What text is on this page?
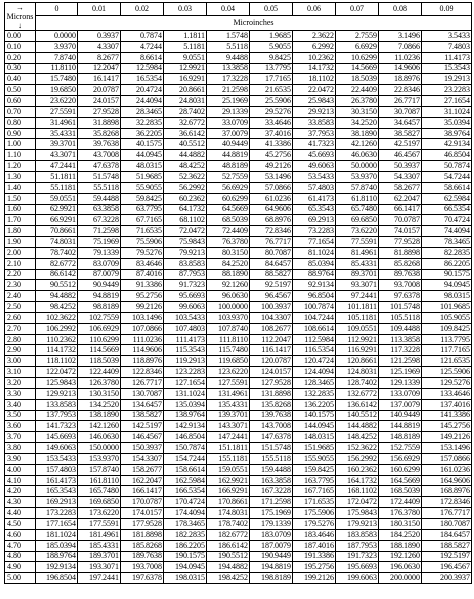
→
Microns
↓	0	0.01	0.02	0.03	0.04	0.05	0.06	0.07	0.08	0.09
	Microinches									
0.00	0.0000	0.3937	0.7874	1.1811	1.5748	1.9685	2.3622	2.7559	3.1496	3.5433
0.10	3.9370	4.3307	4.7244	5.1181	5.5118	5.9055	6.2992	6.6929	7.0866	7.4803
0.20	7.8740	8.2677	8.6614	9.0551	9.4488	9.8425	10.2362	10.6299	11.0236	11.4173
0.30	11.8110	12.2047	12.5984	12.9921	13.3858	13.7795	14.1732	14.5669	14.9606	15.3543
0.40	15.7480	16.1417	16.5354	16.9291	17.3228	17.7165	18.1102	18.5039	18.8976	19.2913
0.50	19.6850	20.0787	20.4724	20.8661	21.2598	21.6535	22.0472	22.4409	22.8346	23.2283
0.60	23.6220	24.0157	24.4094	24.8031	25.1969	25.5906	25.9843	26.3780	26.7717	27.1654
0.70	27.5591	27.9528	28.3465	28.7402	29.1339	29.5276	29.9213	30.3150	30.7087	31.1024
0.80	31.4961	31.8898	32.2835	32.6772	33.0709	33.4646	33.8583	34.2520	34.6457	35.0394
0.90	35.4331	35.8268	36.2205	36.6142	37.0079	37.4016	37.7953	38.1890	38.5827	38.9764
1.00	39.3701	39.7638	40.1575	40.5512	40.9449	41.3386	41.7323	42.1260	42.5197	42.9134
1.10	43.3071	43.7008	44.0945	44.4882	44.8819	45.2756	45.6693	46.0630	46.4567	46.8504
1.20	47.2441	47.6378	48.0315	48.4252	48.8189	49.2126	49.6063	50.0000	50.3937	50.7874
1.30	51.1811	51.5748	51.9685	52.3622	52.7559	53.1496	53.5433	53.9370	54.3307	54.7244
1.40	55.1181	55.5118	55.9055	56.2992	56.6929	57.0866	57.4803	57.8740	58.2677	58.6614
1.50	59.0551	59.4488	59.8425	60.2362	60.6299	61.0236	61.4173	61.8110	62.2047	62.5984
1.60	62.9921	63.3858	63.7795	64.1732	64.5669	64.9606	65.3543	65.7480	66.1417	66.5354
1.70	66.9291	67.3228	67.7165	68.1102	68.5039	68.8976	69.2913	69.6850	70.0787	70.4724
1.80	70.8661	71.2598	71.6535	72.0472	72.4409	72.8346	73.2283	73.6220	74.0157	74.4094
1.90	74.8031	75.1969	75.5906	75.9843	76.3780	76.7717	77.1654	77.5591	77.9528	78.3465
2.00	78.7402	79.1339	79.5276	79.9213	80.3150	80.7087	81.1024	81.4961	81.8898	82.2835
2.10	82.6772	83.0709	83.4646	83.8583	84.2520	84.6457	85.0394	85.4331	85.8268	86.2205
2.20	86.6142	87.0079	87.4016	87.7953	88.1890	88.5827	88.9764	89.3701	89.7638	90.1575
2.30	90.5512	90.9449	91.3386	91.7323	92.1260	92.5197	92.9134	93.3071	93.7008	94.0945
2.40	94.4882	94.8819	95.2756	95.6693	96.0630	96.4567	96.8504	97.2441	97.6378	98.0315
2.50	98.4252	98.8189	99.2126	99.6063	100.0000	100.3937	100.7874	101.1811	101.5748	101.9685
2.60	102.3622	102.7559	103.1496	103.5433	103.9370	104.3307	104.7244	105.1181	105.5118	105.9055
2.70	106.2992	106.6929	107.0866	107.4803	107.8740	108.2677	108.6614	109.0551	109.4488	109.8425
2.80	110.2362	110.6299	111.0236	111.4173	111.8110	112.2047	112.5984	112.9921	113.3858	113.7795
2.90	114.1732	114.5669	114.9606	115.3543	115.7480	116.1417	116.5354	116.9291	117.3228	117.7165
3.00	118.1102	118.5039	118.8976	119.2913	119.6850	120.0787	120.4724	120.8661	121.2598	121.6535
3.10	122.0472	122.4409	122.8346	123.2283	123.6220	124.0157	124.4094	124.8031	125.1969	125.5906
3.20	125.9843	126.3780	126.7717	127.1654	127.5591	127.9528	128.3465	128.7402	129.1339	129.5276
3.30	129.9213	130.3150	130.7087	131.1024	131.4961	131.8898	132.2835	132.6772	133.0709	133.4646
3.40	133.8583	134.2520	134.6457	135.0394	135.4331	135.8268	136.2205	136.6142	137.0079	137.4016
3.50	137.7953	138.1890	138.5827	138.9764	139.3701	139.7638	140.1575	140.5512	140.9449	141.3386
3.60	141.7323	142.1260	142.5197	142.9134	143.3071	143.7008	144.0945	144.4882	144.8819	145.2756
3.70	145.6693	146.0630	146.4567	146.8504	147.2441	147.6378	148.0315	148.4252	148.8189	149.2126
3.80	149.6063	150.0000	150.3937	150.7874	151.1811	151.5748	151.9685	152.3622	152.7559	153.1496
3.90	153.5433	153.9370	154.3307	154.7244	155.1181	155.5118	155.9055	156.2992	156.6929	157.0866
4.00	157.4803	157.8740	158.2677	158.6614	159.0551	159.4488	159.8425	160.2362	160.6299	161.0236
4.10	161.4173	161.8110	162.2047	162.5984	162.9921	163.3858	163.7795	164.1732	164.5669	164.9606
4.20	165.3543	165.7480	166.1417	166.5354	166.9291	167.3228	167.7165	168.1102	168.5039	168.8976
4.30	169.2913	169.6850	170.0787	170.4724	170.8661	171.2598	171.6535	172.0472	172.4409	172.8346
4.40	173.2283	173.6220	174.0157	174.4094	174.8031	175.1969	175.5906	175.9843	176.3780	176.7717
4.50	177.1654	177.5591	177.9528	178.3465	178.7402	179.1339	179.5276	179.9213	180.3150	180.7087
4.60	181.1024	181.4961	181.8898	182.2835	182.6772	183.0709	183.4646	183.8583	184.2520	184.6457
4.70	185.0394	185.4331	185.8268	186.2205	186.6142	187.0079	187.4016	187.7953	188.1890	188.5827
4.80	188.9764	189.3701	189.7638	190.1575	190.5512	190.9449	191.3386	191.7323	192.1260	192.5197
4.90	192.9134	193.3071	193.7008	194.0945	194.4882	194.8819	195.2756	195.6693	196.0630	196.4567
5.00	196.8504	197.2441	197.6378	198.0315	198.4252	198.8189	199.2126	199.6063	200.0000	200.3937
